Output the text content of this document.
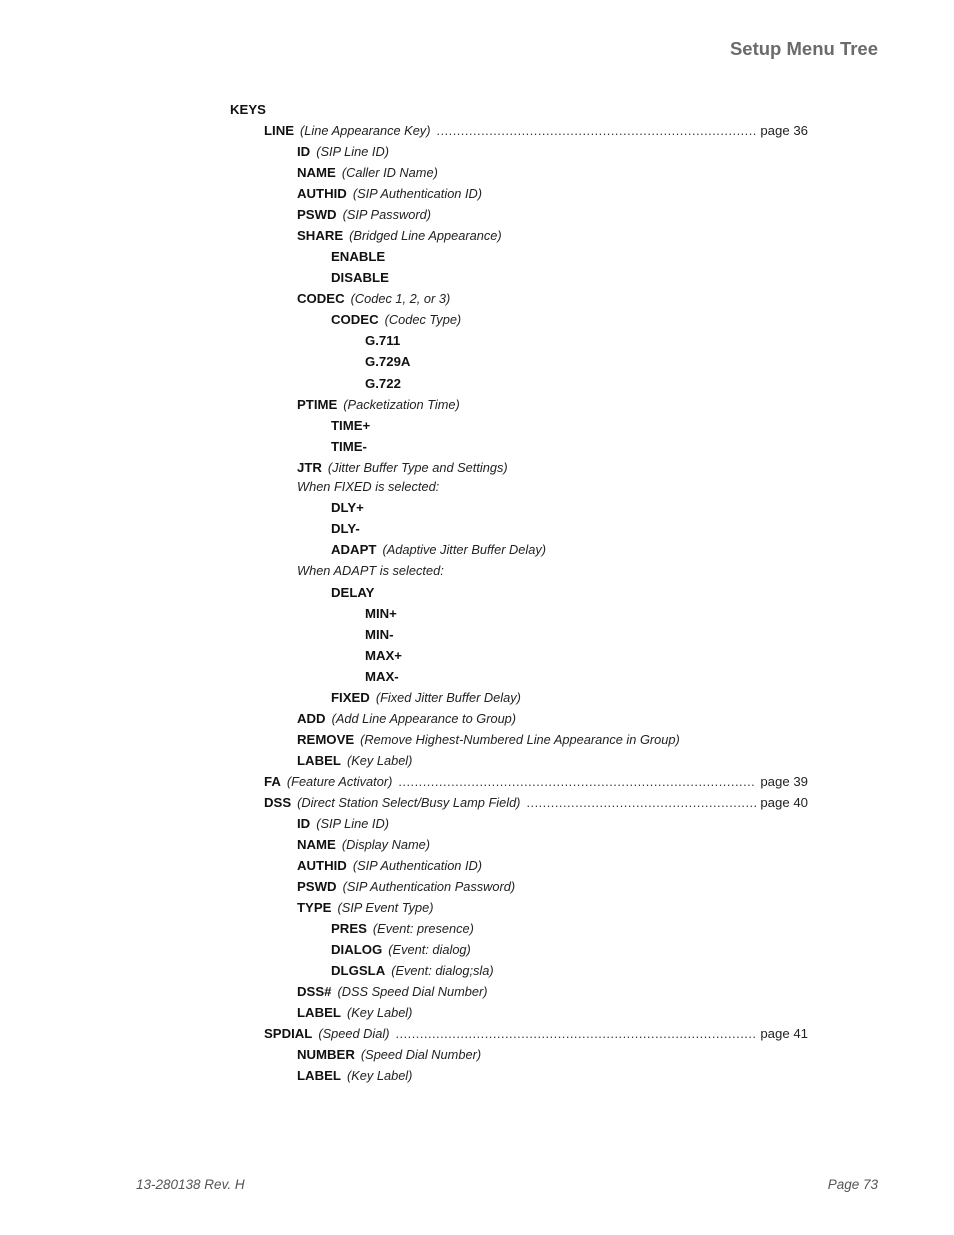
Setup Menu Tree
KEYS
LINE (Line Appearance Key) .....	page 36
ID (SIP Line ID)
NAME (Caller ID Name)
AUTHID (SIP Authentication ID)
PSWD (SIP Password)
SHARE (Bridged Line Appearance)
ENABLE
DISABLE
CODEC (Codec 1, 2, or 3)
CODEC (Codec Type)
G.711
G.729A
G.722
PTIME (Packetization Time)
TIME+
TIME-
JTR (Jitter Buffer Type and Settings)
When FIXED is selected:
DLY+
DLY-
ADAPT (Adaptive Jitter Buffer Delay)
When ADAPT is selected:
DELAY
MIN+
MIN-
MAX+
MAX-
FIXED (Fixed Jitter Buffer Delay)
ADD (Add Line Appearance to Group)
REMOVE (Remove Highest-Numbered Line Appearance in Group)
LABEL (Key Label)
FA (Feature Activator) .....	page 39
DSS (Direct Station Select/Busy Lamp Field) .....	page 40
ID (SIP Line ID)
NAME (Display Name)
AUTHID (SIP Authentication ID)
PSWD (SIP Authentication Password)
TYPE (SIP Event Type)
PRES (Event: presence)
DIALOG (Event: dialog)
DLGSLA (Event: dialog;sla)
DSS# (DSS Speed Dial Number)
LABEL (Key Label)
SPDIAL (Speed Dial) .....	page 41
NUMBER (Speed Dial Number)
LABEL (Key Label)
13-280138 Rev. H	Page 73
